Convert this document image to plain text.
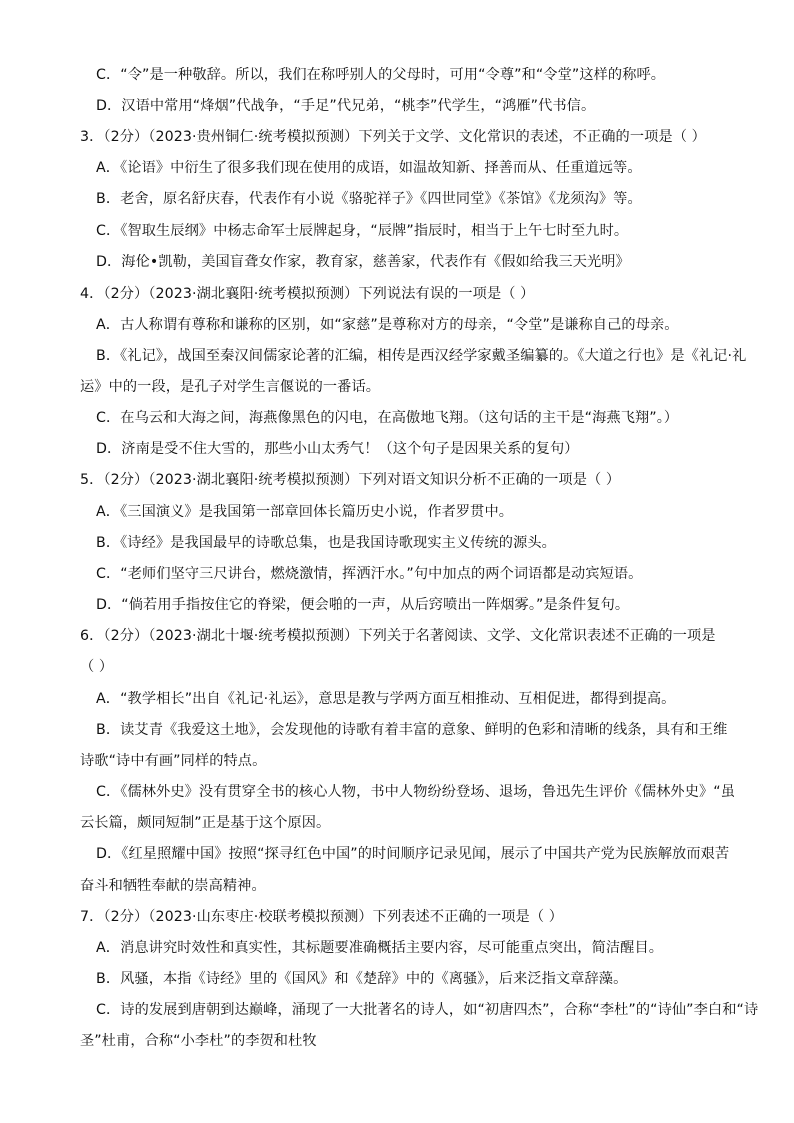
C．“令”是一种敬辞。所以，我们在称呼别人的父母时，可用“令尊”和“令堂”这样的称呼。
D．汉语中常用“烽烟”代战争，“手足”代兄弟，“桃李”代学生，“鸿雁”代书信。
3．（2分）（2023·贵州铜仁·统考模拟预测）下列关于文学、文化常识的表述，不正确的一项是（ ）
A．《论语》中衍生了很多我们现在使用的成语，如温故知新、择善而从、任重道远等。
B．老舍，原名舒庆春，代表作有小说《骆驼祥子》《四世同堂》《茶馆》《龙须沟》等。
C．《智取生辰纲》中杨志命军士辰牌起身，“辰牌”指辰时，相当于上午七时至九时。
D．海伦•凯勒，美国盲聋女作家，教育家，慈善家，代表作有《假如给我三天光明》
4．（2分）（2023·湖北襄阳·统考模拟预测）下列说法有误的一项是（ ）
A．古人称谓有尊称和谦称的区别，如“家慈”是尊称对方的母亲，“令堂”是谦称自己的母亲。
B．《礼记》，战国至秦汉间儒家论著的汇编，相传是西汉经学家戴圣编纂的。《大道之行也》是《礼记·礼
运》中的一段，是孔子对学生言偃说的一番话。
C．在乌云和大海之间，海燕像黑色的闪电，在高傲地飞翔。（这句话的主干是“海燕飞翔”。）
D．济南是受不住大雪的，那些小山太秀气！（这个句子是因果关系的复句）
5．（2分）（2023·湖北襄阳·统考模拟预测）下列对语文知识分析不正确的一项是（ ）
A．《三国演义》是我国第一部章回体长篇历史小说，作者罗贯中。
B．《诗经》是我国最早的诗歌总集，也是我国诗歌现实主义传统的源头。
C．“老师们坚守三尺讲台，燃烧激情，挥洒汗水。”句中加点的两个词语都是动宾短语。
D．“倘若用手指按住它的脊梁，便会啪的一声，从后窍喷出一阵烟雾。”是条件复句。
6．（2分）（2023·湖北十堰·统考模拟预测）下列关于名著阅读、文学、文化常识表述不正确的一项是
（ ）
A．“教学相长”出自《礼记·礼运》，意思是教与学两方面互相推动、互相促进，都得到提高。
B．读艾青《我爱这土地》，会发现他的诗歌有着丰富的意象、鲜明的色彩和清晰的线条，具有和王维
诗歌“诗中有画”同样的特点。
C．《儒林外史》没有贯穿全书的核心人物，书中人物纷纷登场、退场，鲁迅先生评价《儒林外史》“虽
云长篇，颇同短制”正是基于这个原因。
D．《红星照耀中国》按照“探寻红色中国”的时间顺序记录见闻，展示了中国共产党为民族解放而艰苦
奋斗和牺牲奉献的崇高精神。
7．（2分）（2023·山东枣庄·校联考模拟预测）下列表述不正确的一项是（ ）
A．消息讲究时效性和真实性，其标题要准确概括主要内容，尽可能重点突出，简洁醒目。
B．风骚，本指《诗经》里的《国风》和《楚辞》中的《离骚》，后来泛指文章辞藻。
C．诗的发展到唐朝到达巅峰，涌现了一大批著名的诗人，如“初唐四杰”，合称“李杜”的“诗仙”李白和“诗
圣”杜甫，合称“小李杜”的李贺和杜牧
